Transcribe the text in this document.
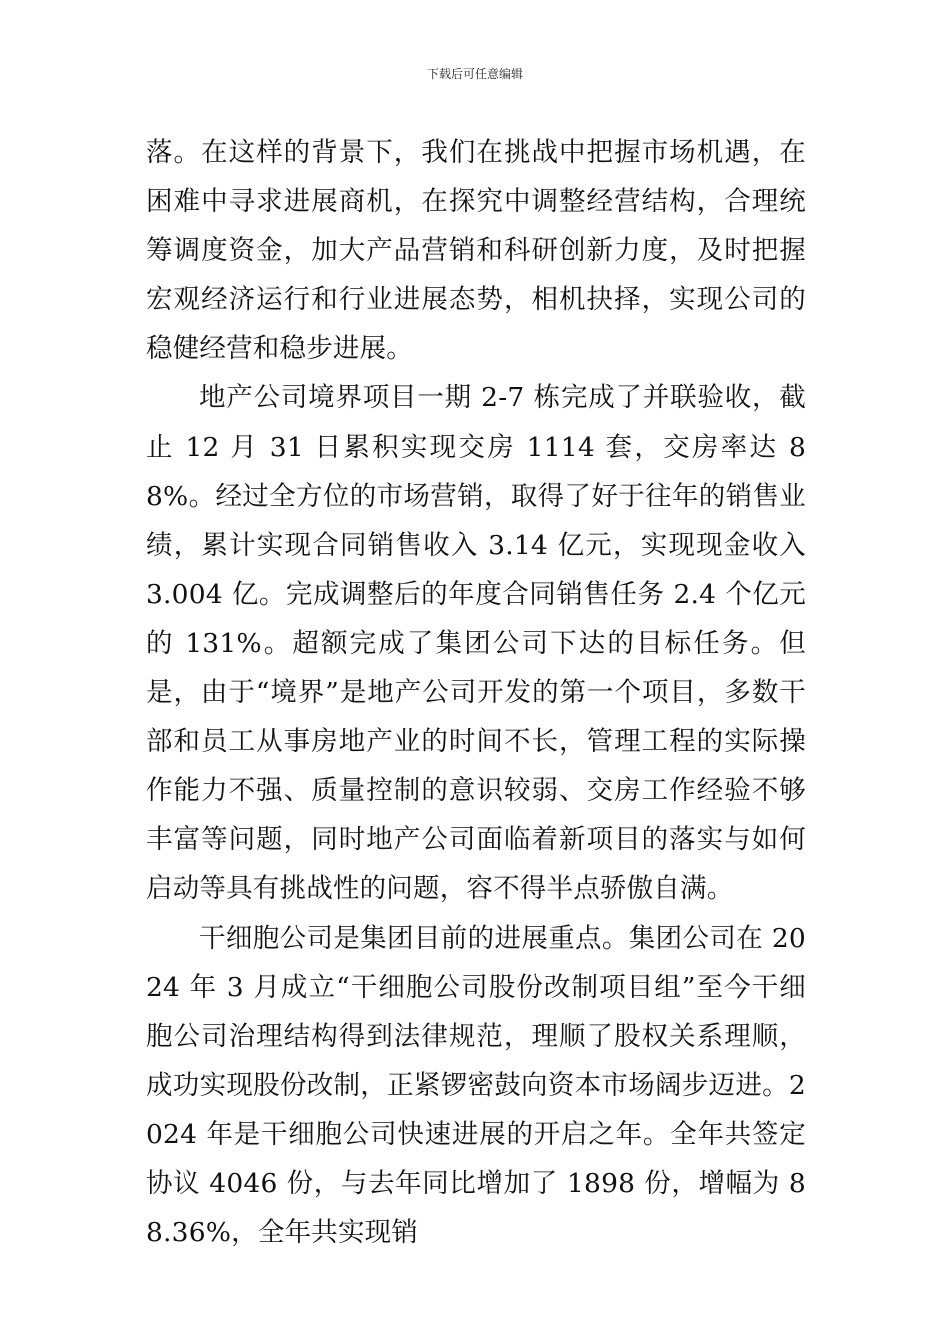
下载后可任意编辑

落。在这样的背景下，我们在挑战中把握市场机遇，在困难中寻求进展商机，在探究中调整经营结构，合理统筹调度资金，加大产品营销和科研创新力度，及时把握宏观经济运行和行业进展态势，相机抉择，实现公司的稳健经营和稳步进展。

地产公司境界项目一期 2-7 栋完成了并联验收，截止 12 月 31 日累积实现交房 1114 套，交房率达 88%。经过全方位的市场营销，取得了好于往年的销售业绩，累计实现合同销售收入 3.14 亿元，实现现金收入 3.004 亿。完成调整后的年度合同销售任务 2.4 个亿元的 131%。超额完成了集团公司下达的目标任务。但是，由于“境界”是地产公司开发的第一个项目，多数干部和员工从事房地产业的时间不长，管理工程的实际操作能力不强、质量控制的意识较弱、交房工作经验不够丰富等问题，同时地产公司面临着新项目的落实与如何启动等具有挑战性的问题，容不得半点骄傲自满。

干细胞公司是集团目前的进展重点。集团公司在 2024 年 3 月成立“干细胞公司股份改制项目组”至今干细胞公司治理结构得到法律规范，理顺了股权关系理顺，成功实现股份改制，正紧锣密鼓向资本市场阔步迈进。2024 年是干细胞公司快速进展的开启之年。全年共签定协议 4046 份，与去年同比增加了 1898 份，增幅为 88.36%，全年共实现销
